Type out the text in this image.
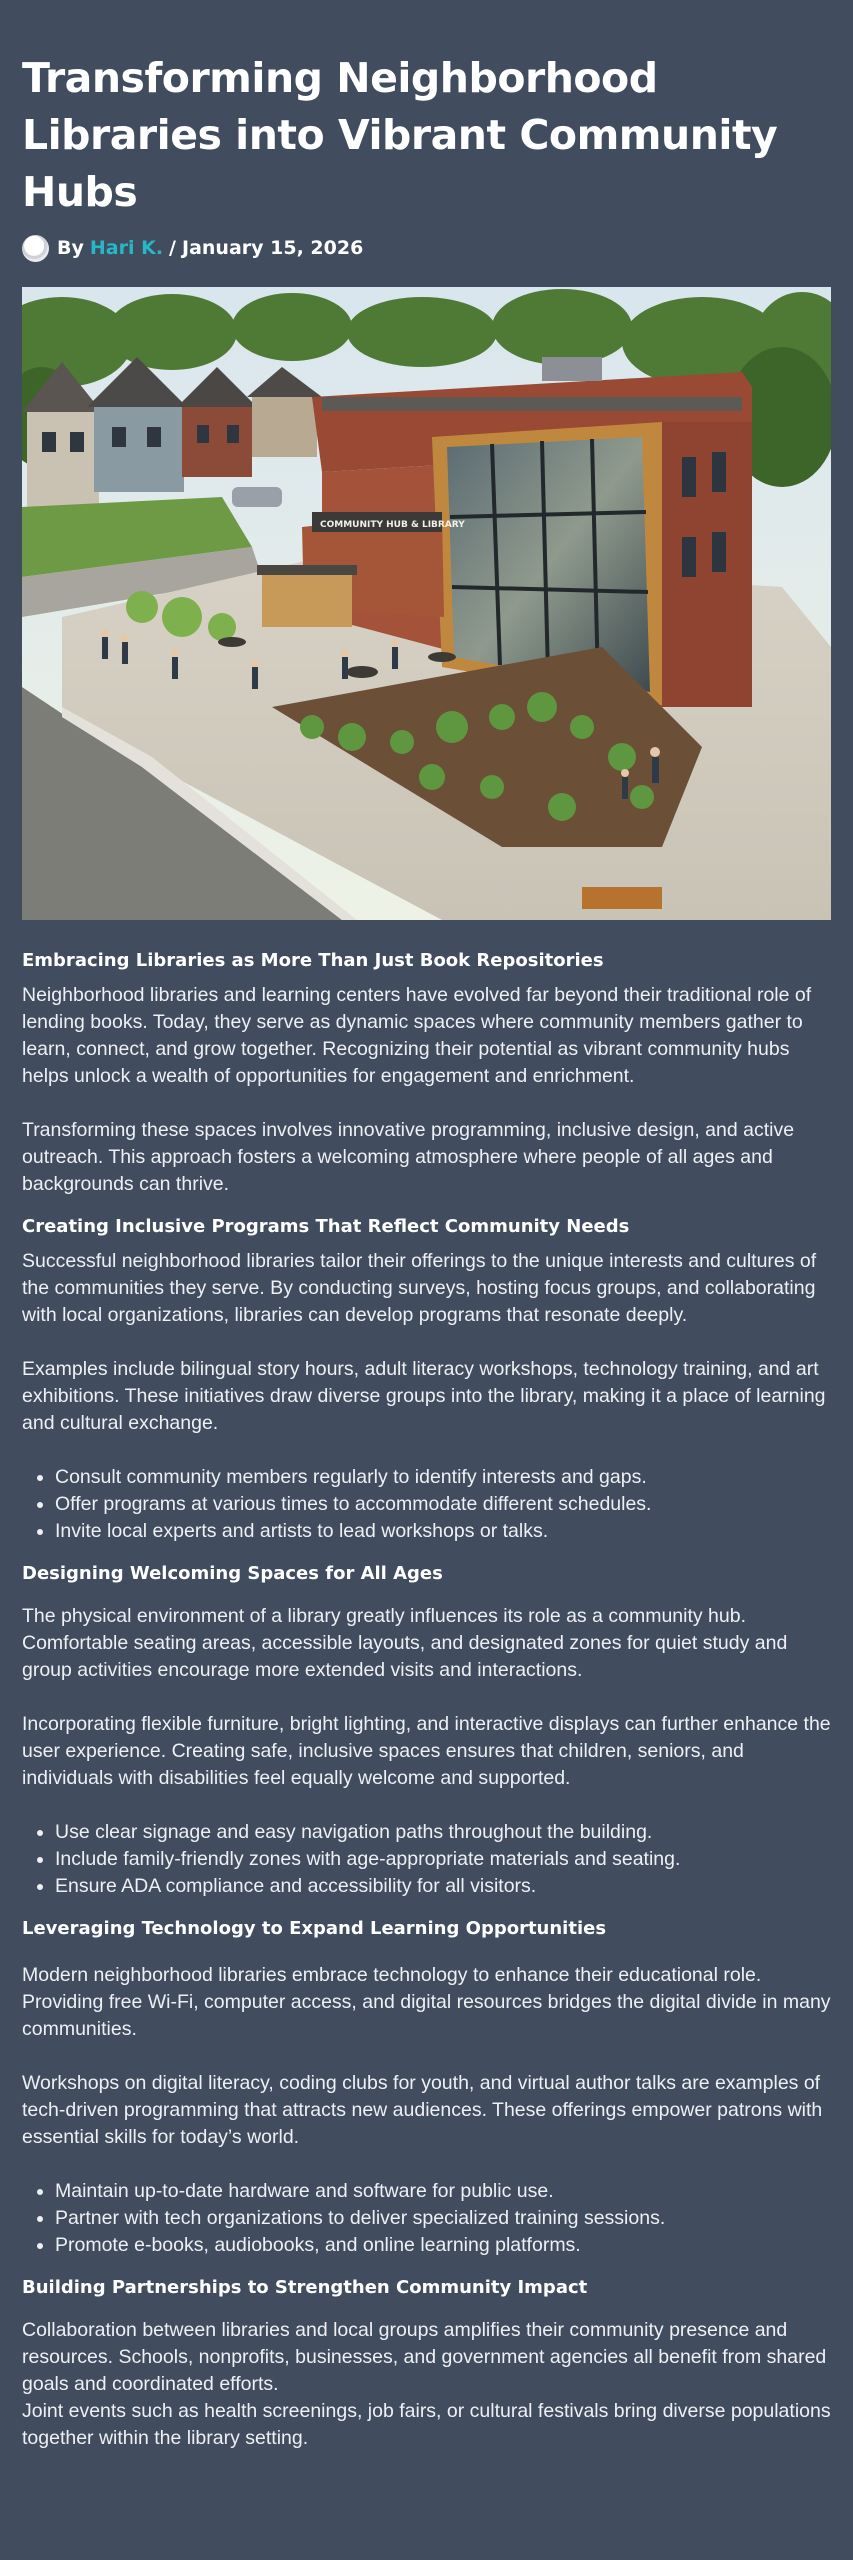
Transforming Neighborhood Libraries into Vibrant Community Hubs
By Hari K. / January 15, 2026
COMMUNITY HUB & LIBRARY
Embracing Libraries as More Than Just Book Repositories

Neighborhood libraries and learning centers have evolved far beyond their traditional role of lending books. Today, they serve as dynamic spaces where community members gather to learn, connect, and grow together. Recognizing their potential as vibrant community hubs helps unlock a wealth of opportunities for engagement and enrichment.

Transforming these spaces involves innovative programming, inclusive design, and active outreach. This approach fosters a welcoming atmosphere where people of all ages and backgrounds can thrive.

Creating Inclusive Programs That Reflect Community Needs

Successful neighborhood libraries tailor their offerings to the unique interests and cultures of the communities they serve. By conducting surveys, hosting focus groups, and collaborating with local organizations, libraries can develop programs that resonate deeply.

Examples include bilingual story hours, adult literacy workshops, technology training, and art exhibitions. These initiatives draw diverse groups into the library, making it a place of learning and cultural exchange.

• Consult community members regularly to identify interests and gaps.
• Offer programs at various times to accommodate different schedules.
• Invite local experts and artists to lead workshops or talks.
Designing Welcoming Spaces for All Ages

The physical environment of a library greatly influences its role as a community hub. Comfortable seating areas, accessible layouts, and designated zones for quiet study and group activities encourage more extended visits and interactions.

Incorporating flexible furniture, bright lighting, and interactive displays can further enhance the user experience. Creating safe, inclusive spaces ensures that children, seniors, and individuals with disabilities feel equally welcome and supported.

• Use clear signage and easy navigation paths throughout the building.
• Include family-friendly zones with age-appropriate materials and seating.
• Ensure ADA compliance and accessibility for all visitors.
Leveraging Technology to Expand Learning Opportunities

Modern neighborhood libraries embrace technology to enhance their educational role. Providing free Wi-Fi, computer access, and digital resources bridges the digital divide in many communities.

Workshops on digital literacy, coding clubs for youth, and virtual author talks are examples of tech-driven programming that attracts new audiences. These offerings empower patrons with essential skills for today’s world.

• Maintain up-to-date hardware and software for public use.
• Partner with tech organizations to deliver specialized training sessions.
• Promote e-books, audiobooks, and online learning platforms.
Building Partnerships to Strengthen Community Impact

Collaboration between libraries and local groups amplifies their community presence and resources. Schools, nonprofits, businesses, and government agencies all benefit from shared goals and coordinated efforts.

Joint events such as health screenings, job fairs, or cultural festivals bring diverse populations together within the library setting.
